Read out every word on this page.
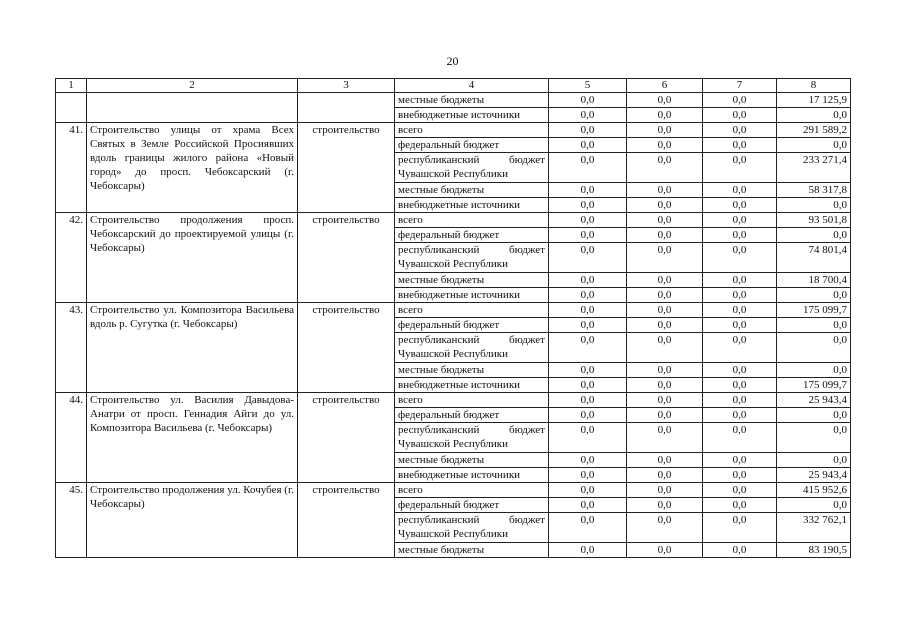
20
1	2	3	4	5	6	7	8
			местные бюджеты	0,0	0,0	0,0	17 125,9
			внебюджетные источники	0,0	0,0	0,0	0,0
41.	Строительство улицы от храма Всех Святых в Земле Российской Просиявших вдоль границы жилого района «Новый город» до просп. Чебоксарский (г. Чебоксары)	строительство	всего	0,0	0,0	0,0	291 589,2
			федеральный бюджет	0,0	0,0	0,0	0,0
			республиканский бюджет Чувашской Республики	0,0	0,0	0,0	233 271,4
			местные бюджеты	0,0	0,0	0,0	58 317,8
			внебюджетные источники	0,0	0,0	0,0	0,0
42.	Строительство продолжения просп. Чебоксарский до проектируемой улицы (г. Чебоксары)	строительство	всего	0,0	0,0	0,0	93 501,8
			федеральный бюджет	0,0	0,0	0,0	0,0
			республиканский бюджет Чувашской Республики	0,0	0,0	0,0	74 801,4
			местные бюджеты	0,0	0,0	0,0	18 700,4
			внебюджетные источники	0,0	0,0	0,0	0,0
43.	Строительство ул. Композитора Васильева вдоль р. Сугутка (г. Чебоксары)	строительство	всего	0,0	0,0	0,0	175 099,7
			федеральный бюджет	0,0	0,0	0,0	0,0
			республиканский бюджет Чувашской Республики	0,0	0,0	0,0	0,0
			местные бюджеты	0,0	0,0	0,0	0,0
			внебюджетные источники	0,0	0,0	0,0	175 099,7
44.	Строительство ул. Василия Давыдова-Анатри от просп. Геннадия Айги до ул. Композитора Васильева (г. Чебоксары)	строительство	всего	0,0	0,0	0,0	25 943,4
			федеральный бюджет	0,0	0,0	0,0	0,0
			республиканский бюджет Чувашской Республики	0,0	0,0	0,0	0,0
			местные бюджеты	0,0	0,0	0,0	0,0
			внебюджетные источники	0,0	0,0	0,0	25 943,4
45.	Строительство продолжения ул. Кочубея (г. Чебоксары)	строительство	всего	0,0	0,0	0,0	415 952,6
			федеральный бюджет	0,0	0,0	0,0	0,0
			республиканский бюджет Чувашской Республики	0,0	0,0	0,0	332 762,1
			местные бюджеты	0,0	0,0	0,0	83 190,5
